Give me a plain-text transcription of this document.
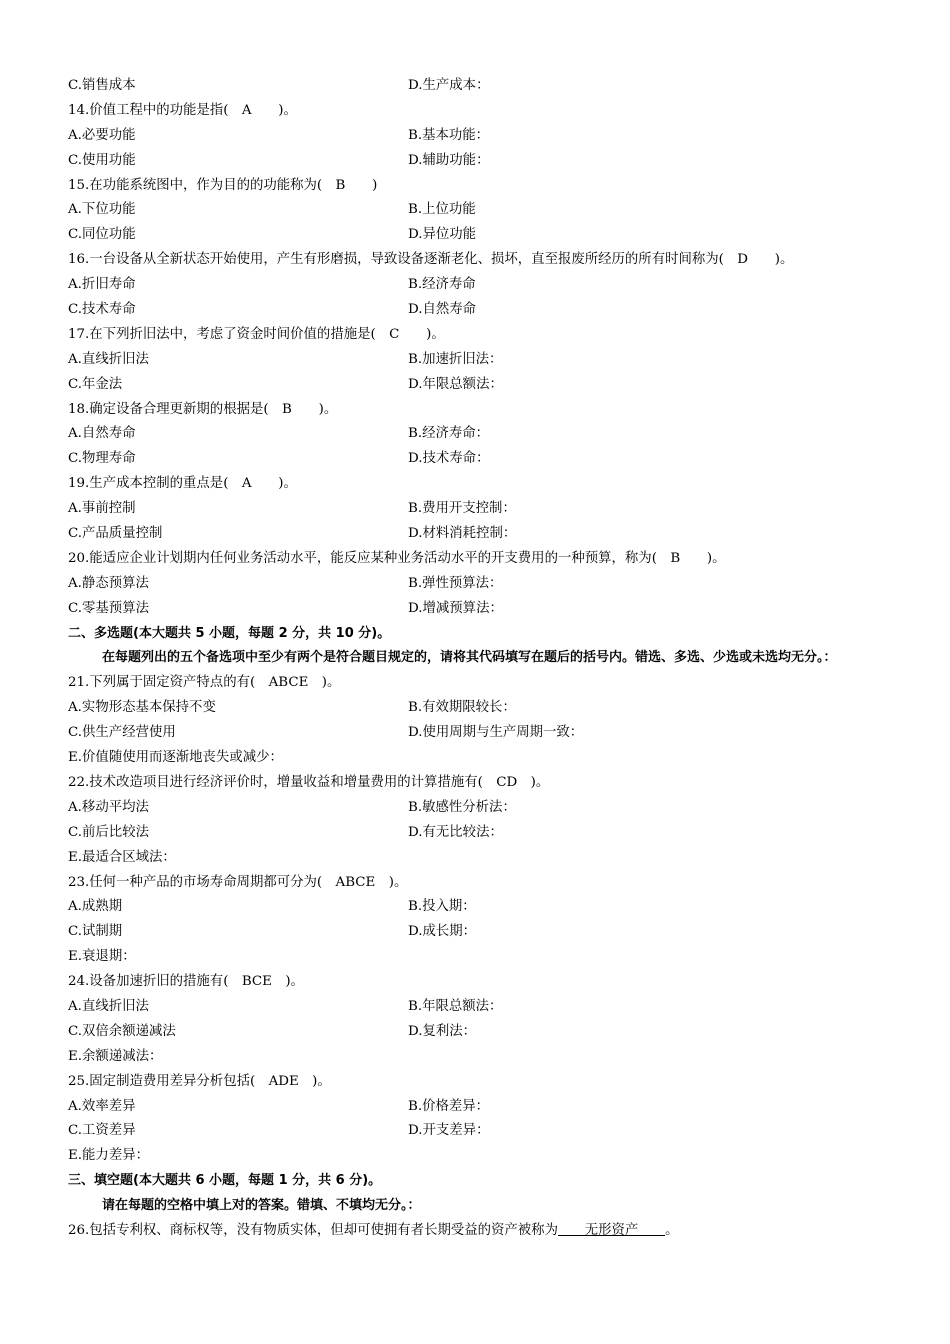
C.销售成本	D.生产成本：
14.价值工程中的功能是指(　A　　)。
A.必要功能	B.基本功能：
C.使用功能	D.辅助功能：
15.在功能系统图中，作为目的的功能称为(　B　　)
A.下位功能	B.上位功能
C.同位功能	D.异位功能
16.一台设备从全新状态开始使用，产生有形磨损，导致设备逐渐老化、损坏，直至报废所经历的所有时间称为(　D　　)。
A.折旧寿命	B.经济寿命
C.技术寿命	D.自然寿命
17.在下列折旧法中，考虑了资金时间价值的措施是(　C　　)。
A.直线折旧法	B.加速折旧法：
C.年金法	D.年限总额法：
18.确定设备合理更新期的根据是(　B　　)。
A.自然寿命	B.经济寿命：
C.物理寿命	D.技术寿命：
19.生产成本控制的重点是(　A　　)。
A.事前控制	B.费用开支控制：
C.产品质量控制	D.材料消耗控制：
20.能适应企业计划期内任何业务活动水平，能反应某种业务活动水平的开支费用的一种预算，称为(　B　　)。
A.静态预算法	B.弹性预算法：
C.零基预算法	D.增减预算法：
二、多选题(本大题共 5 小题，每题 2 分，共 10 分)。
在每题列出的五个备选项中至少有两个是符合题目规定的，请将其代码填写在题后的括号内。错选、多选、少选或未选均无分。：
21.下列属于固定资产特点的有(　ABCE　)。
A.实物形态基本保持不变	B.有效期限较长：
C.供生产经营使用	D.使用周期与生产周期一致：
E.价值随使用而逐渐地丧失或减少：
22.技术改造项目进行经济评价时，增量收益和增量费用的计算措施有(　CD　)。
A.移动平均法	B.敏感性分析法：
C.前后比较法	D.有无比较法：
E.最适合区域法：
23.任何一种产品的市场寿命周期都可分为(　ABCE　)。
A.成熟期	B.投入期：
C.试制期	D.成长期：
E.衰退期：
24.设备加速折旧的措施有(　BCE　)。
A.直线折旧法	B.年限总额法：
C.双倍余额递减法	D.复利法：
E.余额递减法：
25.固定制造费用差异分析包括(　ADE　)。
A.效率差异	B.价格差异：
C.工资差异	D.开支差异：
E.能力差异：
三、填空题(本大题共 6 小题，每题 1 分，共 6 分)。
请在每题的空格中填上对的答案。错填、不填均无分。：
26.包括专利权、商标权等，没有物质实体，但却可使拥有者长期受益的资产被称为　　无形资产　　。
